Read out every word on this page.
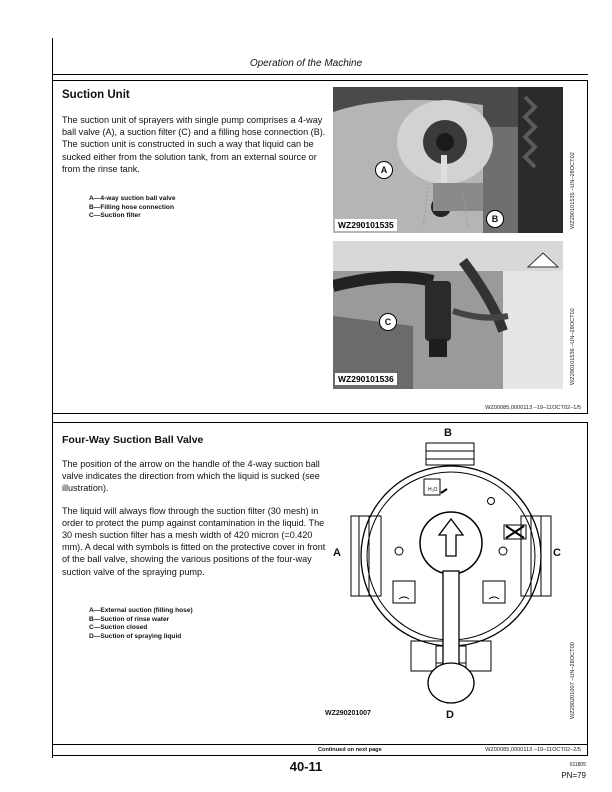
Operation of the Machine
Suction Unit

The suction unit of sprayers with single pump comprises a 4-way ball valve (A), a suction filter (C) and a filling hose connection (B). The suction unit is constructed in such a way that liquid can be sucked either from the solution tank, from an external source or from the rinse tank.

A—4-way suction ball valve
B—Filling hose connection
C—Suction filter
WZ290101535
A
B	WZ290101535 –UN–28OCT02
WZ290101536
C	WZ290101536 –UN–28OCT02
WZ00085,0000113 –19–11OCT02–1/5
Four-Way Suction Ball Valve

The position of the arrow on the handle of the 4-way suction ball valve indicates the direction from which the liquid is sucked (see illustration).

The liquid will always flow through the suction filter (30 mesh) in order to protect the pump against contamination in the liquid. The 30 mesh suction filter has a mesh width of 420 micron (=0.420 mm). A decal with symbols is fitted on the protective cover in front of the ball valve, showing the various positions of the four-way suction valve of the spraying pump.

A—External suction (filling hose)
B—Suction of rinse water
C—Suction closed
D—Suction of spraying liquid
H₂O
B
A	C
D
WZ290201007	WZ290201007 –UN–28OCT00
Continued on next page	WZ00085,0000113 –19–11OCT02–2/5
40-11	011805
PN=79
